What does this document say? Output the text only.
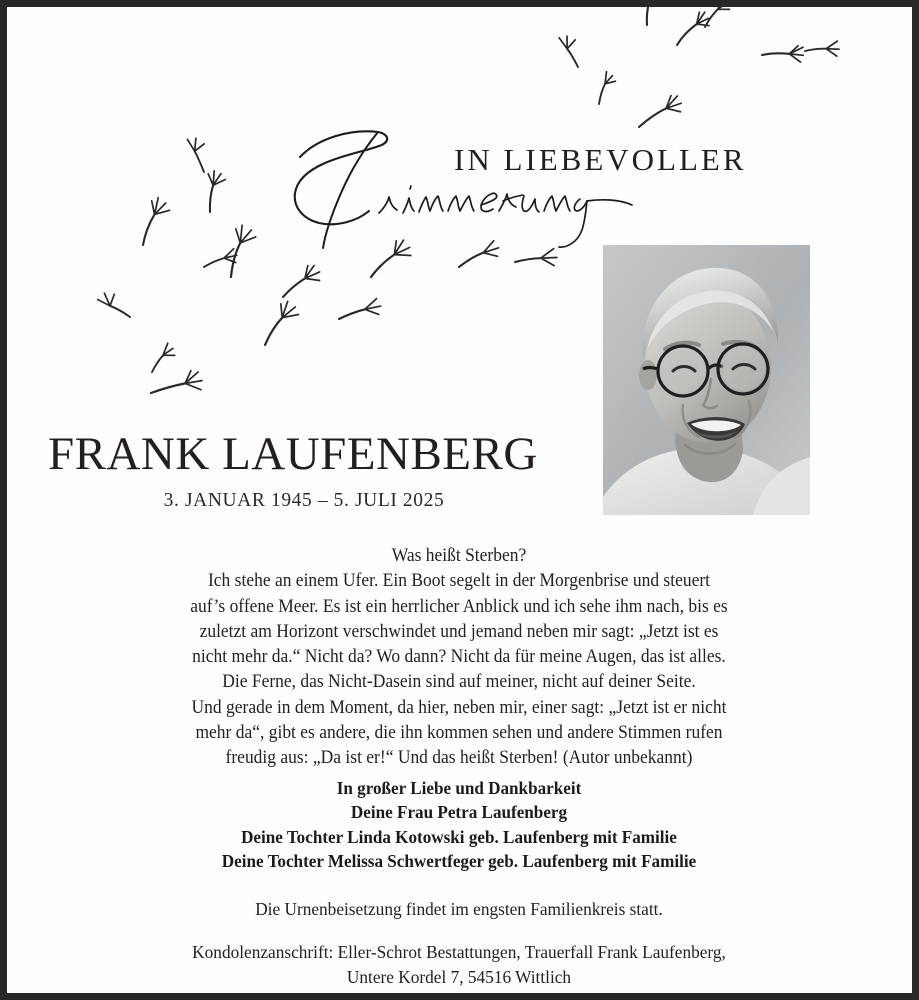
IN LIEBEVOLLER
FRANK LAUFENBERG
3. JANUAR 1945 – 5. JULI 2025

Was heißt Sterben?

Ich stehe an einem Ufer. Ein Boot segelt in der Morgenbrise und steuert

auf’s offene Meer. Es ist ein herrlicher Anblick und ich sehe ihm nach, bis es

zuletzt am Horizont verschwindet und jemand neben mir sagt: „Jetzt ist es

nicht mehr da.“ Nicht da? Wo dann? Nicht da für meine Augen, das ist alles.

Die Ferne, das Nicht-Dasein sind auf meiner, nicht auf deiner Seite.

Und gerade in dem Moment, da hier, neben mir, einer sagt: „Jetzt ist er nicht

mehr da“, gibt es andere, die ihn kommen sehen und andere Stimmen rufen

freudig aus: „Da ist er!“ Und das heißt Sterben! (Autor unbekannt)

In großer Liebe und Dankbarkeit
Deine Frau Petra Laufenberg
Deine Tochter Linda Kotowski geb. Laufenberg mit Familie
Deine Tochter Melissa Schwertfeger geb. Laufenberg mit Familie

Die Urnenbeisetzung findet im engsten Familienkreis statt.

Kondolenzanschrift: Eller-Schrot Bestattungen, Trauerfall Frank Laufenberg,

Untere Kordel 7, 54516 Wittlich
